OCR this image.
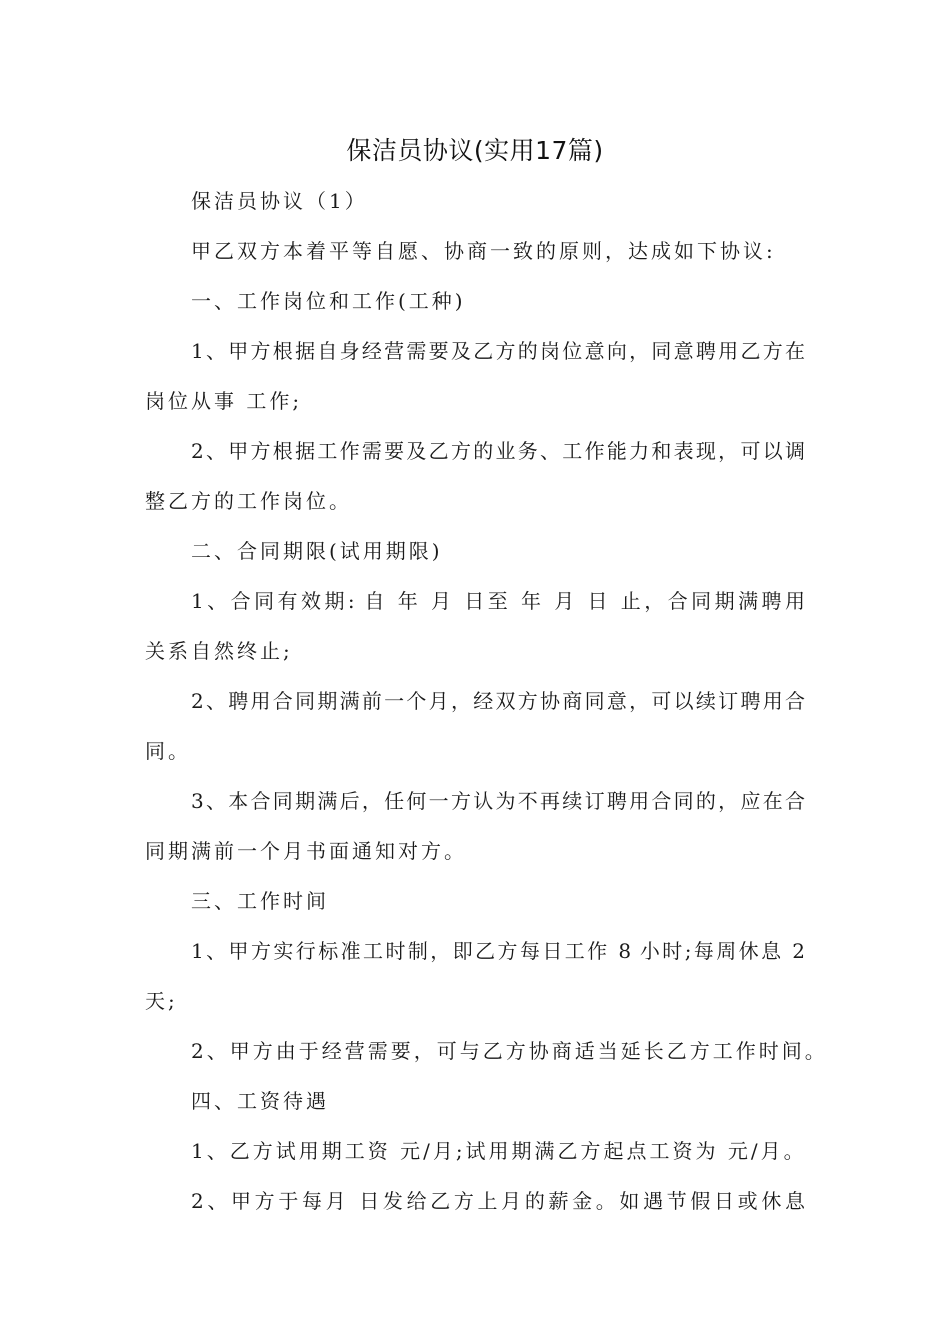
保洁员协议(实用17篇)

保洁员协议（1）

甲乙双方本着平等自愿、协商一致的原则，达成如下协议:

一、工作岗位和工作(工种)

1、甲方根据自身经营需要及乙方的岗位意向，同意聘用乙方在

岗位从事 工作;

2、甲方根据工作需要及乙方的业务、工作能力和表现，可以调

整乙方的工作岗位。

二、合同期限(试用期限)

1、合同有效期: 自 年 月 日至 年 月 日 止，合同期满聘用

关系自然终止;

2、聘用合同期满前一个月，经双方协商同意，可以续订聘用合

同。

3、本合同期满后，任何一方认为不再续订聘用合同的，应在合

同期满前一个月书面通知对方。

三、工作时间

1、甲方实行标准工时制，即乙方每日工作 8 小时;每周休息 2

天;

2、甲方由于经营需要，可与乙方协商适当延长乙方工作时间。

四、工资待遇

1、乙方试用期工资 元/月;试用期满乙方起点工资为 元/月。

2、甲方于每月 日发给乙方上月的薪金。如遇节假日或休息
